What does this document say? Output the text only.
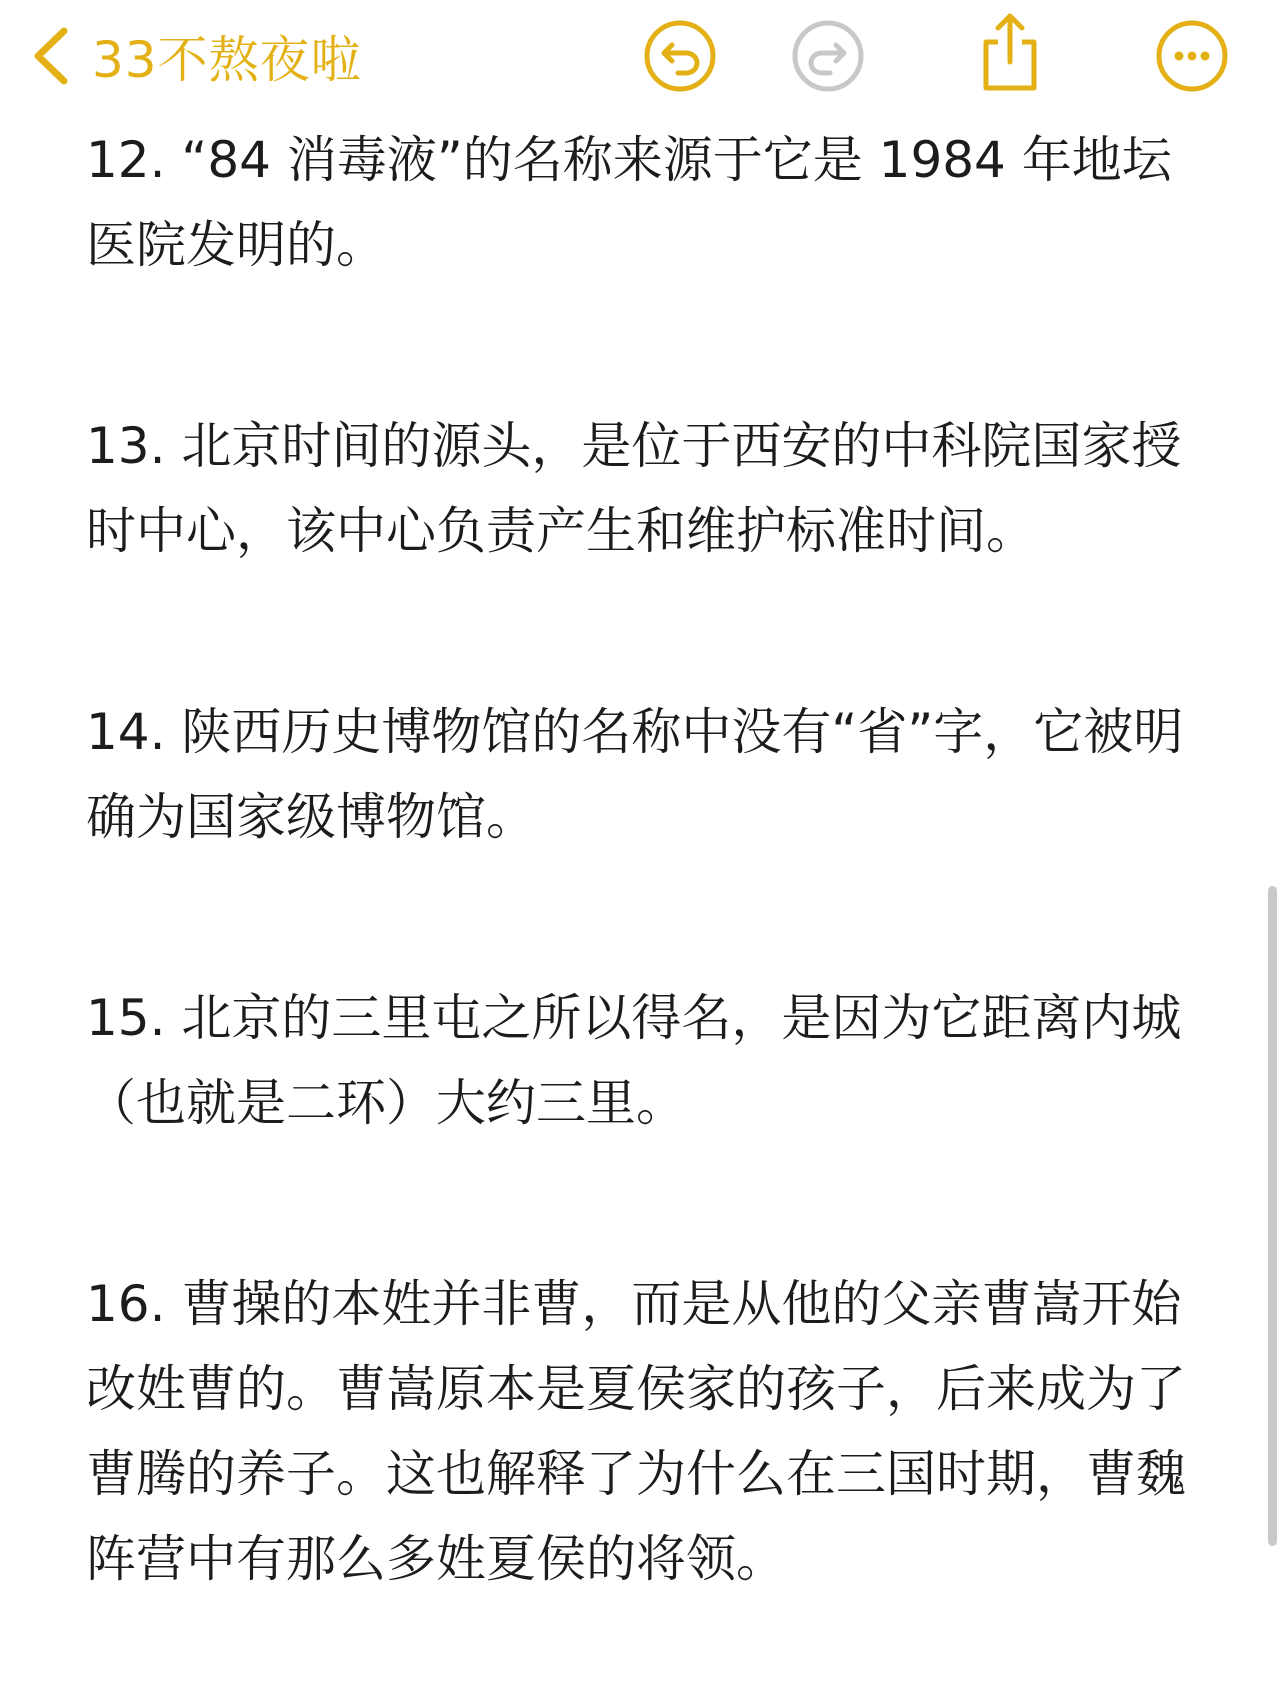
33不熬夜啦

12. “84 消毒液”的名称来源于它是 1984 年地坛医院发明的。

13. 北京时间的源头，是位于西安的中科院国家授时中心，该中心负责产生和维护标准时间。

14. 陕西历史博物馆的名称中没有“省”字，它被明确为国家级博物馆。

15. 北京的三里屯之所以得名，是因为它距离内城（也就是二环）大约三里。

16. 曹操的本姓并非曹，而是从他的父亲曹嵩开始改姓曹的。曹嵩原本是夏侯家的孩子，后来成为了曹腾的养子。这也解释了为什么在三国时期，曹魏阵营中有那么多姓夏侯的将领。
